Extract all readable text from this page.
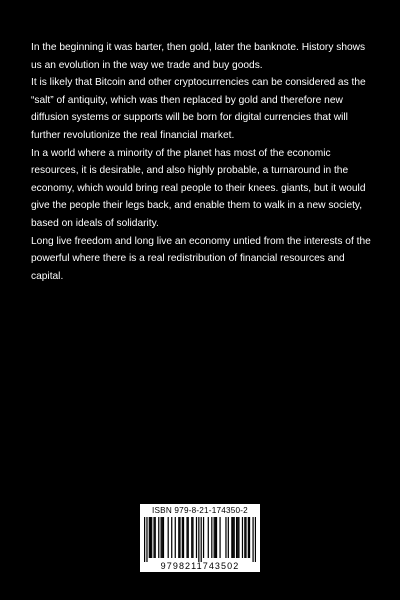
In the beginning it was barter, then gold, later the banknote. History shows us an evolution in the way we trade and buy goods.

It is likely that Bitcoin and other cryptocurrencies can be considered as the “salt” of antiquity, which was then replaced by gold and therefore new diffusion systems or supports will be born for digital currencies that will further revolutionize the real financial market.

In a world where a minority of the planet has most of the economic resources, it is desirable, and also highly probable, a turnaround in the economy, which would bring real people to their knees. giants, but it would give the people their legs back, and enable them to walk in a new society, based on ideals of solidarity.

Long live freedom and long live an economy untied from the interests of the powerful where there is a real redistribution of financial resources and capital.

ISBN 979-8-21-174350-2
9798211743502
